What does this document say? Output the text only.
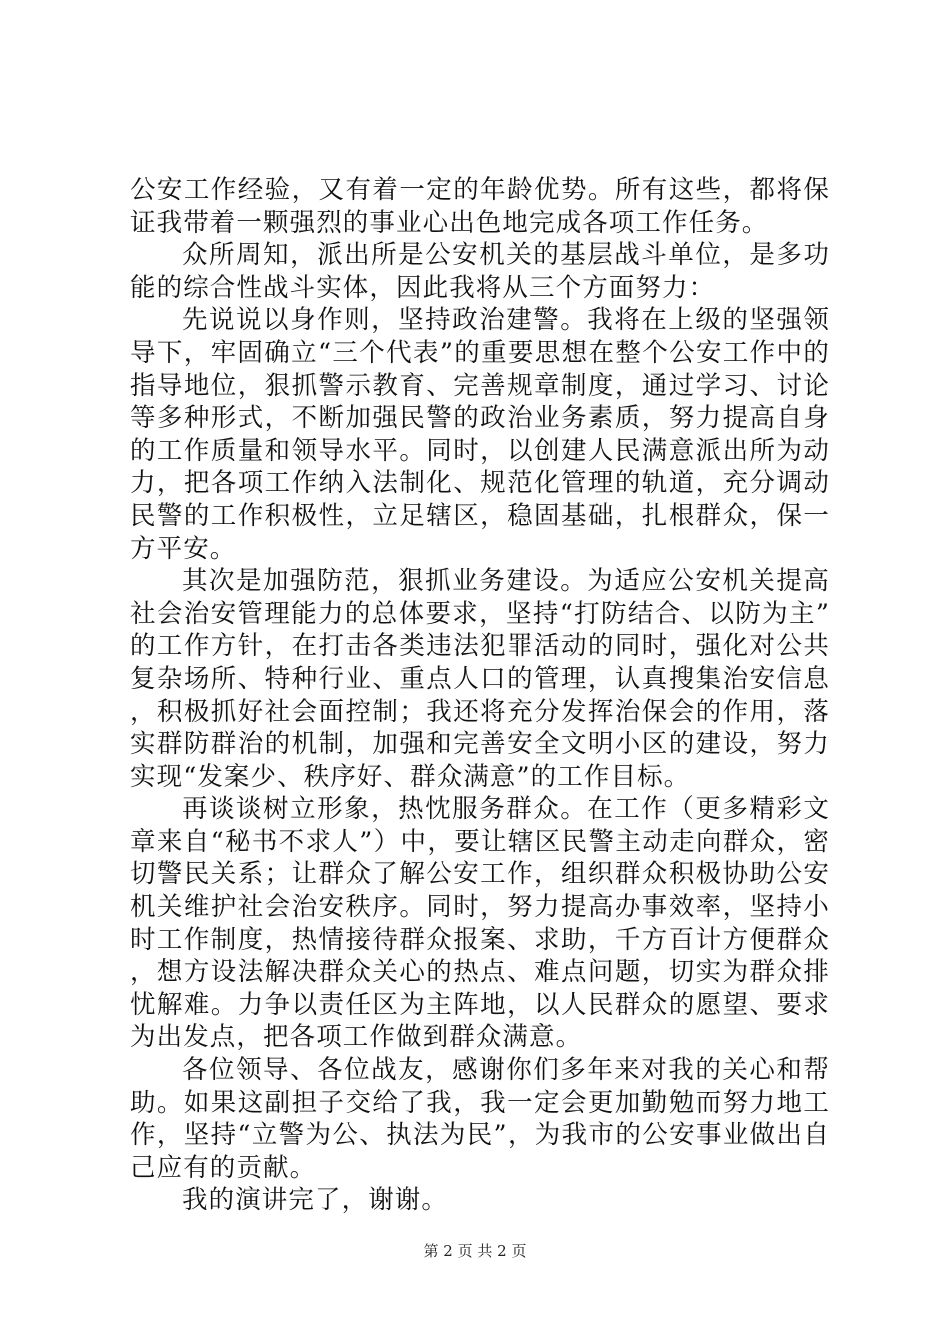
公安工作经验，又有着一定的年龄优势。所有这些，都将保证我带着一颗强烈的事业心出色地完成各项工作任务。

众所周知，派出所是公安机关的基层战斗单位，是多功能的综合性战斗实体，因此我将从三个方面努力：

先说说以身作则，坚持政治建警。我将在上级的坚强领导下，牢固确立“三个代表”的重要思想在整个公安工作中的指导地位，狠抓警示教育、完善规章制度，通过学习、讨论等多种形式，不断加强民警的政治业务素质，努力提高自身的工作质量和领导水平。同时，以创建人民满意派出所为动力，把各项工作纳入法制化、规范化管理的轨道，充分调动民警的工作积极性，立足辖区，稳固基础，扎根群众，保一方平安。

其次是加强防范，狠抓业务建设。为适应公安机关提高社会治安管理能力的总体要求，坚持“打防结合、以防为主”的工作方针，在打击各类违法犯罪活动的同时，强化对公共复杂场所、特种行业、重点人口的管理，认真搜集治安信息，积极抓好社会面控制；我还将充分发挥治保会的作用，落实群防群治的机制，加强和完善安全文明小区的建设，努力实现“发案少、秩序好、群众满意”的工作目标。

再谈谈树立形象，热忱服务群众。在工作（更多精彩文章来自“秘书不求人”）中，要让辖区民警主动走向群众，密切警民关系；让群众了解公安工作，组织群众积极协助公安机关维护社会治安秩序。同时，努力提高办事效率，坚持小时工作制度，热情接待群众报案、求助，千方百计方便群众，想方设法解决群众关心的热点、难点问题，切实为群众排忧解难。力争以责任区为主阵地，以人民群众的愿望、要求为出发点，把各项工作做到群众满意。

各位领导、各位战友，感谢你们多年来对我的关心和帮助。如果这副担子交给了我，我一定会更加勤勉而努力地工作，坚持“立警为公、执法为民”，为我市的公安事业做出自己应有的贡献。

我的演讲完了，谢谢。

第 2 页 共 2 页
